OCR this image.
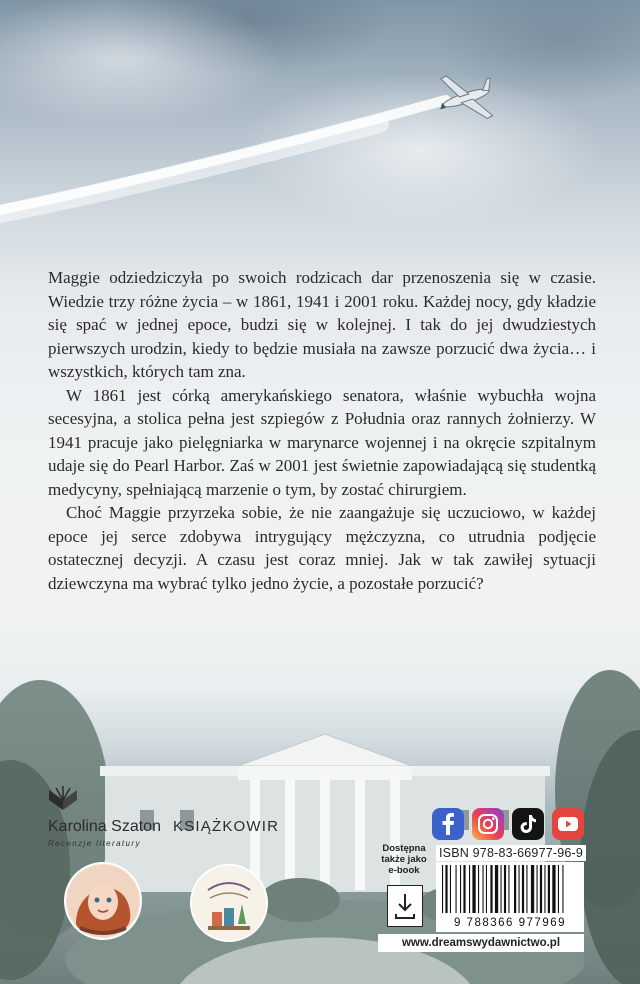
Maggie odziedziczyła po swoich rodzicach dar przenoszenia się w czasie. Wiedzie trzy różne życia – w 1861, 1941 i 2001 roku. Każdej nocy, gdy kładzie się spać w jednej epoce, budzi się w kolejnej. I tak do jej dwudziestych pierwszych urodzin, kiedy to będzie musiała na zawsze porzucić dwa życia… i wszystkich, których tam zna.

W 1861 jest córką amerykańskiego senatora, właśnie wybuchła wojna secesyjna, a stolica pełna jest szpiegów z Południa oraz rannych żołnierzy. W 1941 pracuje jako pielęgniarka w marynarce wojennej i na okręcie szpitalnym udaje się do Pearl Harbor. Zaś w 2001 jest świetnie zapowiadającą się studentką medycyny, spełniającą marzenie o tym, by zostać chirurgiem.

Choć Maggie przyrzeka sobie, że nie zaangażuje się uczuciowo, w każdej epoce jej serce zdobywa intrygujący mężczyzna, co utrudnia podjęcie ostatecznej decyzji. A czasu jest coraz mniej. Jak w tak zawiłej sytuacji dziewczyna ma wybrać tylko jedno życie, a pozostałe porzucić?

Karolina Szaton
Recenzje literatury
KSIĄŻKOWIR
Dostępna
także jako
e-book
ISBN 978-83-66977-96-9
9 788366 977969
www.dreamswydawnictwo.pl
